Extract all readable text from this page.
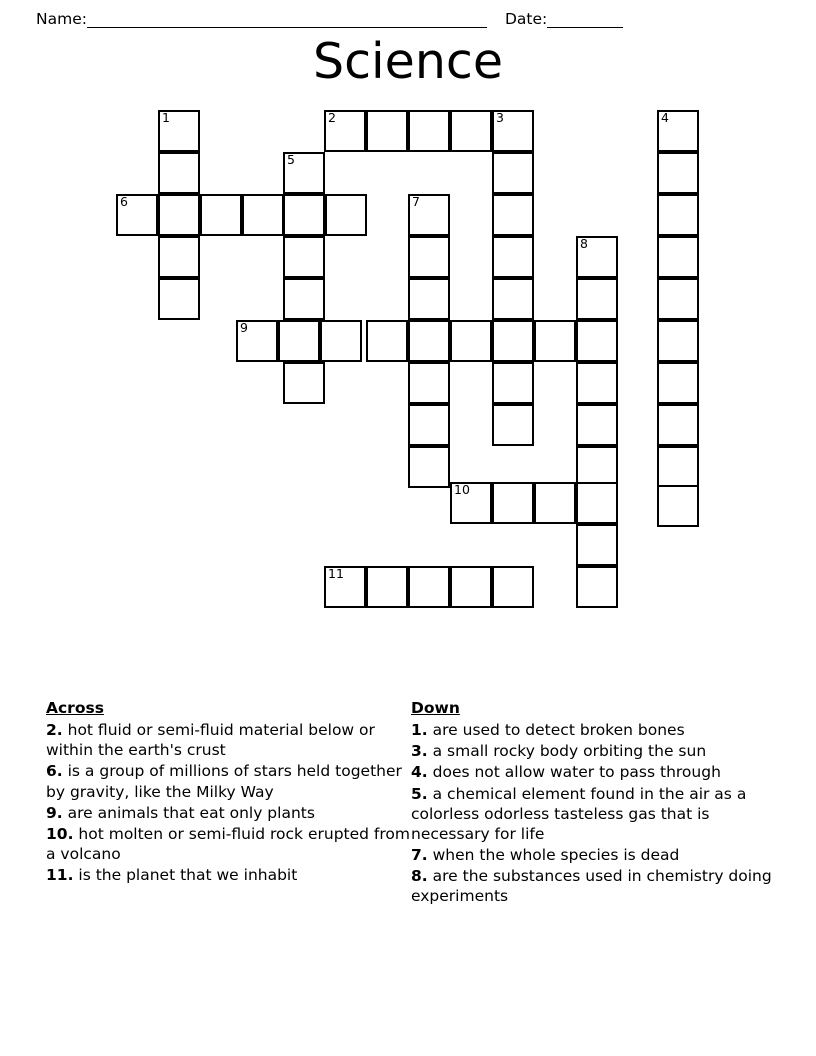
Name:	Date:
Science
1	2	3	4
5
6	7
8
9
10
11
Across
2. hot fluid or semi-fluid material below or within the earth's crust
6. is a group of millions of stars held together by gravity, like the Milky Way
9. are animals that eat only plants
10. hot molten or semi-fluid rock erupted from a volcano
11. is the planet that we inhabit
Down
1. are used to detect broken bones
3. a small rocky body orbiting the sun
4. does not allow water to pass through
5. a chemical element found in the air as a colorless odorless tasteless gas that is necessary for life
7. when the whole species is dead
8. are the substances used in chemistry doing experiments
